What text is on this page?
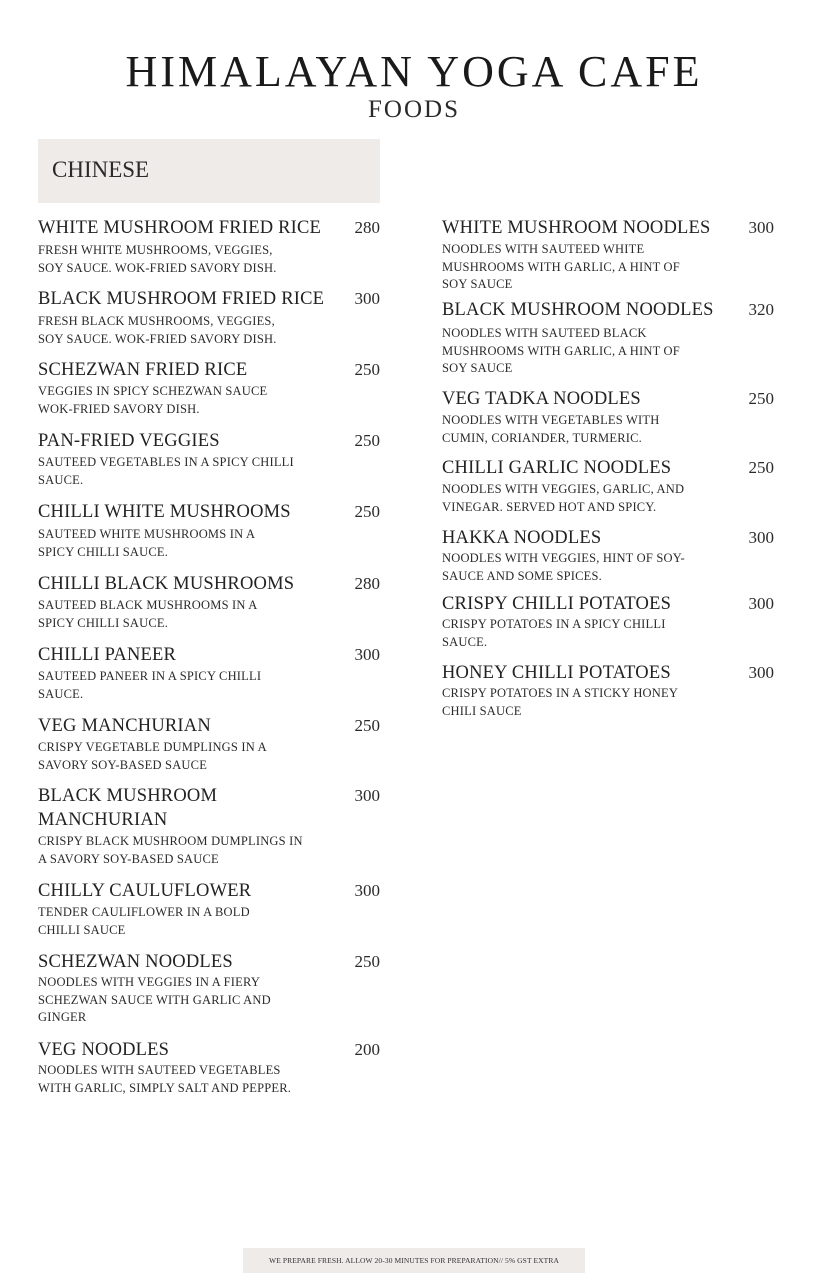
HIMALAYAN YOGA CAFE
FOODS
CHINESE
WHITE MUSHROOM FRIED RICE 280
FRESH WHITE MUSHROOMS, VEGGIES, SOY SAUCE. WOK-FRIED SAVORY DISH.
BLACK MUSHROOM FRIED RICE 300
FRESH BLACK MUSHROOMS, VEGGIES, SOY SAUCE. WOK-FRIED SAVORY DISH.
SCHEZWAN FRIED RICE	250
VEGGIES IN SPICY SCHEZWAN SAUCE WOK-FRIED SAVORY DISH.
PAN-FRIED VEGGIES	250
SAUTEED VEGETABLES IN A SPICY CHILLI SAUCE.
CHILLI WHITE MUSHROOMS	250
SAUTEED WHITE MUSHROOMS IN A SPICY CHILLI SAUCE.
CHILLI BLACK MUSHROOMS	280
SAUTEED BLACK MUSHROOMS IN A SPICY CHILLI SAUCE.
CHILLI PANEER	300
SAUTEED PANEER IN A SPICY CHILLI SAUCE.
VEG MANCHURIAN	250
CRISPY VEGETABLE DUMPLINGS IN A SAVORY SOY-BASED SAUCE
BLACK MUSHROOM MANCHURIAN
300
CRISPY BLACK MUSHROOM DUMPLINGS IN A SAVORY SOY-BASED SAUCE
CHILLY CAULUFLOWER	300
TENDER CAULIFLOWER IN A BOLD CHILLI SAUCE
SCHEZWAN NOODLES	250
NOODLES WITH VEGGIES IN A FIERY SCHEZWAN SAUCE WITH GARLIC AND GINGER
VEG NOODLES	200
NOODLES WITH SAUTEED VEGETABLES WITH GARLIC, SIMPLY SALT AND PEPPER.
WHITE MUSHROOM NOODLES 300
NOODLES WITH SAUTEED WHITE MUSHROOMS WITH GARLIC, A HINT OF SOY SAUCE
BLACK MUSHROOM NOODLES 320
NOODLES WITH SAUTEED BLACK MUSHROOMS WITH GARLIC, A HINT OF SOY SAUCE
VEG TADKA NOODLES	250
NOODLES WITH VEGETABLES WITH CUMIN, CORIANDER, TURMERIC.
CHILLI GARLIC NOODLES	250
NOODLES WITH VEGGIES, GARLIC, AND VINEGAR. SERVED HOT AND SPICY.
HAKKA NOODLES	300
NOODLES WITH VEGGIES, HINT OF SOY-SAUCE AND SOME SPICES.
CRISPY CHILLI POTATOES	300
CRISPY POTATOES IN A SPICY CHILLI SAUCE.
HONEY CHILLI POTATOES	300
CRISPY POTATOES IN A STICKY HONEY CHILI SAUCE
WE PREPARE FRESH. ALLOW 20-30 MINUTES FOR PREPARATION// 5% GST EXTRA
